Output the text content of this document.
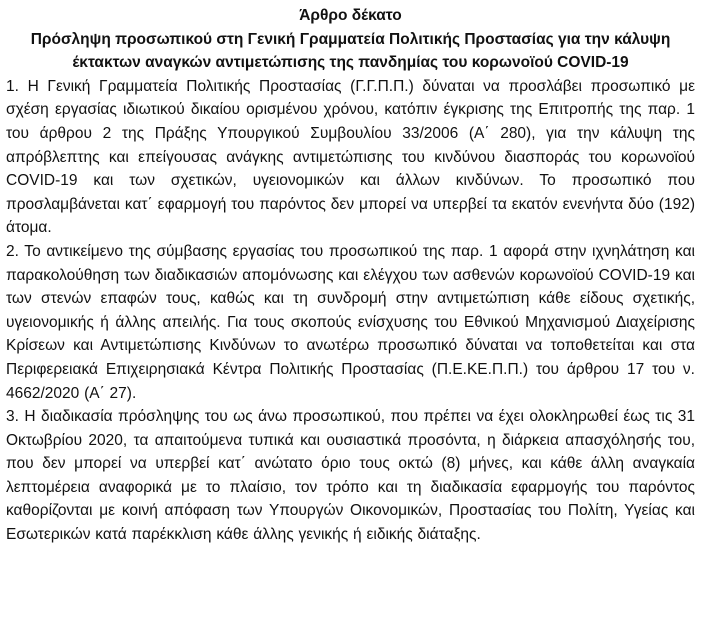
Άρθρο δέκατο

Πρόσληψη προσωπικού στη Γενική Γραμματεία Πολιτικής Προστασίας για την κάλυψη έκτακτων αναγκών αντιμετώπισης της πανδημίας του κορωνοϊού COVID-19

1. Η Γενική Γραμματεία Πολιτικής Προστασίας (Γ.Γ.Π.Π.) δύναται να προσλάβει προσωπικό με σχέση εργασίας ιδιωτικού δικαίου ορισμένου χρόνου, κατόπιν έγκρισης της Επιτροπής της παρ. 1 του άρθρου 2 της Πράξης Υπουργικού Συμβουλίου 33/2006 (Α΄ 280), για την κάλυψη της απρόβλεπτης και επείγουσας ανάγκης αντιμετώπισης του κινδύνου διασποράς του κορωνοϊού COVID-19 και των σχετικών, υγειονομικών και άλλων κινδύνων. Το προσωπικό που προσλαμβάνεται κατ΄ εφαρμογή του παρόντος δεν μπορεί να υπερβεί τα εκατόν ενενήντα δύο (192) άτομα.

2. Το αντικείμενο της σύμβασης εργασίας του προσωπικού της παρ. 1 αφορά στην ιχνηλάτηση και παρακολούθηση των διαδικασιών απομόνωσης και ελέγχου των ασθενών κορωνοϊού COVID-19 και των στενών επαφών τους, καθώς και τη συνδρομή στην αντιμετώπιση κάθε είδους σχετικής, υγειονομικής ή άλλης απειλής. Για τους σκοπούς ενίσχυσης του Εθνικού Μηχανισμού Διαχείρισης Κρίσεων και Αντιμετώπισης Κινδύνων το ανωτέρω προσωπικό δύναται να τοποθετείται και στα Περιφερειακά Επιχειρησιακά Κέντρα Πολιτικής Προστασίας (Π.Ε.ΚΕ.Π.Π.) του άρθρου 17 του ν. 4662/2020 (Α΄ 27).

3. Η διαδικασία πρόσληψης του ως άνω προσωπικού, που πρέπει να έχει ολοκληρωθεί έως τις 31 Οκτωβρίου 2020, τα απαιτούμενα τυπικά και ουσιαστικά προσόντα, η διάρκεια απασχόλησής του, που δεν μπορεί να υπερβεί κατ΄ ανώτατο όριο τους οκτώ (8) μήνες, και κάθε άλλη αναγκαία λεπτομέρεια αναφορικά με το πλαίσιο, τον τρόπο και τη διαδικασία εφαρμογής του παρόντος καθορίζονται με κοινή απόφαση των Υπουργών Οικονομικών, Προστασίας του Πολίτη, Υγείας και Εσωτερικών κατά παρέκκλιση κάθε άλλης γενικής ή ειδικής διάταξης.
